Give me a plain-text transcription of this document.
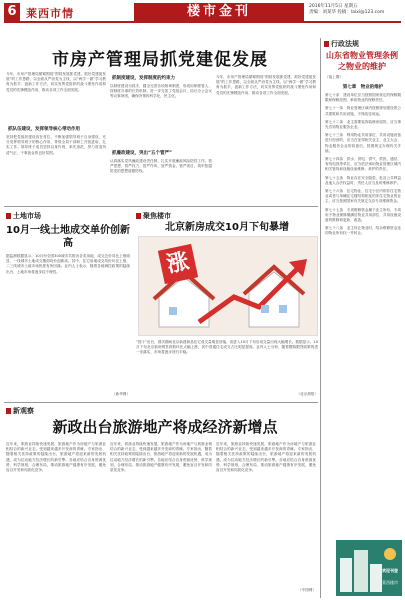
6 莱西市情	楼市金刊	2016年11月5日 星期五
责编：刘某华 投稿：laixi@123.com
市房产管理局抓党建促发展
今年，市房产管理局紧紧围绕“围绕发展抓党建，抓好党建促发展”的工作思路，以全面从严治党为主线，以“两学一做”学习教育为抓手，创新工作方法，切实发挥党组织的战斗堡垒作用和党员的先锋模范作用，推动各项工作全面发展。
抓队伍建设，发挥领导核心带动作用
坚持把党组织建设放在首位，不断加强领导班子自身建设，充分发挥领导班子的核心作用，带领全局干部职工开拓进取，扎实工作。领导班子成员坚持以身作则，率先垂范，努力营造风清气正、干事创业的良好氛围。
抓制度建设，发挥制度的约束力
以制度建设为抓手，健全完善各项规章制度，形成用制度管人、按制度办事的长效机制。进一步完善了党组会议、局长办公会议等议事规则，确保决策的科学化、民主化。
抓廉政建设，突出“五个管严”
认真落实党风廉政建设责任制，扎实开展廉政风险防控工作。管严思想、管严权力、管严作风、管严资金、管严项目，筑牢拒腐防变的思想道德防线。
今年，市房产管理局紧紧围绕“围绕发展抓党建，抓好党建促发展”的工作思路，以全面从严治党为主线，以“两学一做”学习教育为抓手，创新工作方法，切实发挥党组织的战斗堡垒作用和党员的先锋模范作用，推动各项工作全面发展。
土地市场
10月一线土地成交单价创新高
据监测数据显示，10月份全国300城市共推出各类用地，成交总价同比上涨明显，一线城市土地成交楼面均价创新高。其中，住宅用地成交均价环比上涨，二三线城市土地市场热度有所回落。业内人士表示，随着各地调控政策的陆续出台，土地市场将逐步趋于理性。
（新华网）
聚焦楼市
北京新房成交10月下旬暴增
涨
“国十”出台，国庆期间北京新建商品住宅成交量明显回落，但进入10月下旬后成交量出现大幅增长。数据显示，10月下旬北京新房网签套数环比大幅上涨，其中普通住宅成交占比明显提高。业内人士分析，随着限购限贷政策的进一步落实，市场将逐步回归平稳。
（北京晨报）
新观察
新政出台旅游地产将成经济新增点
近年来，旅游业持续快速发展，旅游地产作为房地产与旅游业相结合的新兴业态，受到越来越多开发商的青睐。专家指出，随着相关扶持政策的陆续出台，旅游地产将迎来新的发展机遇，成为拉动地方经济增长的新引擎。各地应结合自身资源优势，科学规划，合理布局，推动旅游地产健康有序发展，避免盲目开发和同质化竞争。
近年来，旅游业持续快速发展，旅游地产作为房地产与旅游业相结合的新兴业态，受到越来越多开发商的青睐。专家指出，随着相关扶持政策的陆续出台，旅游地产将迎来新的发展机遇，成为拉动地方经济增长的新引擎。各地应结合自身资源优势，科学规划，合理布局，推动旅游地产健康有序发展，避免盲目开发和同质化竞争。
近年来，旅游业持续快速发展，旅游地产作为房地产与旅游业相结合的新兴业态，受到越来越多开发商的青睐。专家指出，随着相关扶持政策的陆续出台，旅游地产将迎来新的发展机遇，成为拉动地方经济增长的新引擎。各地应结合自身资源优势，科学规划，合理布局，推动旅游地产健康有序发展，避免盲目开发和同质化竞争。
（中国网）
行政法规
山东省物业管理条例之物业的维护
（接上期）
第七章　物业的维护

第七十条　建设单位应当按照国家规定的保修期限和保修范围，承担物业的保修责任。

第七十一条　物业管理区域内按照规划建设的公共建筑和共用设施，不得改变用途。

第七十二条　业主需要装饰装修房屋的，应当事先告知物业服务企业。

第七十三条　利用物业共用部位、共用设施设备进行经营的，应当在征得相关业主、业主大会、物业服务企业的同意后，按照规定办理有关手续。

第七十四条　供水、供电、供气、供热、通信、有线电视等单位，应当依法承担物业管理区域内相关管线和设施设备维修、养护的责任。

第七十五条　物业存在安全隐患，危及公共利益及他人合法权益时，责任人应当及时维修养护。

第七十六条　住宅物业、住宅小区内的非住宅物业或者与单幢住宅楼结构相连的非住宅物业的业主，应当按照国家有关规定交存专项维修资金。

第七十七条　专项维修资金属于业主所有，专项用于物业保修期满后物业共用部位、共用设施设备的维修和更新、改造。

第七十八条　业主转让物业时，结余维修资金连同物业所有权一并转让。

欢迎刊登
莱西楼市
